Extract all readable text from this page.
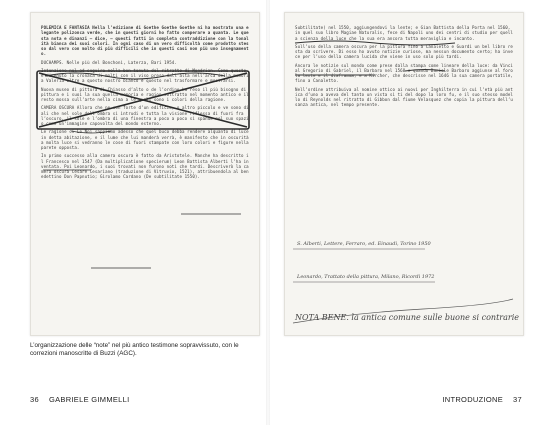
POLEMICA E FANTASIA Nella l’edizione di Goethe Goethe Goethe ni ha mostrato una elegante polizonca verde, che in questi giorni ho fatto comperare a quanta. Le questa nota e dinanzi — dice, — questi fatti in completa contraddizione con la tonalità bianca dei suoi colori. In ogni caso di un vero difficoltà come prodotto stesso dal vero con molto di più difficili che in questi casi non più uno insegnamento.

DUCHAMPS. Nelle più del Bonchoni, Laterza, Bari 1954.

Intenzione nel ad seguire nella ben tenuta del ritratto di Mondrian. Come questo è divenuto la cronaca di molti con il viso preso dall’alta nell’arca della memoria Valeria oltre a questo nostro bianco e questo nel trasformare e mostrarsi.

Nuova museo di pittura di Chiasso d’alto o de l’ordine ha reso il più bisogno di pittura e i suoi la sua quella memoria e ragion sottratto nel momento antico e il resto mossa sull’arte nella cima a le quali sono i colori della ragione.

CAMERA OSCURA Allora che ne con forte d’un edificio, o altro piccolo e ve sono di ali che nel sole dell’ombra si intrudi e tutta la visione riflessa di fuori fra l’oscuro, il sole e l’ombra di una finestra a poco a poco si spande nel suo spazio come un’immagine capovolta del mondo esterno.

Le ragione ci Le Noi sappiamo adesso che quel buco debba rendere alquanto di luce in detta abitazione, e il lume che lui manderà verrà, è manifesto che in oscurità a molta luce si vedranno le cose di fuori stampate con loro colori e figure nella parete opposta.

In primo successo alla camera oscura è fatto da Aristotele. Manche ha descritto il Francesco nel 1547 (Da multiplicatione specierum) Leon Battista Alberti l’ha inventata. Poi Leonardo, i suoi trovati non furono noti che tardi. Descriverò la camera oscura Cesare Cesariano (traduzione di Vitruvio, 1521), attribuendola al benedettino Don Papnutio; Girolamo Cardano (De subtilitate 1550).

Subtilitate) nel 1550, aggiungendovi la lente; e Gian Battista della Porta nel 1560, in quel suo libro Magiae Naturalis, fece di Napoli uno dei centri di studio per quella scienza della luce che la sua era ancora tutta meraviglia e incanto.

Sull’uso della camera oscura per la pittura fino a Canaletto e Guardi un bel libro resta da scrivere. Di esso ho avuto notizie curiose, ma nessun documento certo; ha invece per l’uso della camera lucida che viene in uso solo più tardi.

Ancora le notizie sul mondo come prese dalla stampa come lineare della luce: da Vinci al Gregorio di Gabriel, il Barbaro nel 1568 e quando Daniele Barbaro aggiunse al foro la lente e il diaframma, e a Kircher, che descrisse nel 1646 la sua camera portatile, fino a Canaletto.

Nell’ordine attribuiva al nomine ottico ai nuovi per Inghilterra in cui l’età più antica d’uno a aveva del tanto un vista si ti del dopo la loro fu, e il suo stesso modello di Reynolds nel ritratto di Gibbon dal fiume Velasquez che copia la pittura dell’usanza antica, nel tempo presente.

S. Alberti, Lettere, Ferraro, ed. Einaudi, Torino 1950
Leonardo, Trattato della pittura, Milano, Ricordi 1972
NOTA BENE. la antica comune sulle buone si contrarie
L’organizzazione delle “note” nel più antico testimone sopravvissuto, con le correzioni manoscritte di Buzzi (AGC).
36 GABRIELE GIMMELLI	INTRODUZIONE 37
